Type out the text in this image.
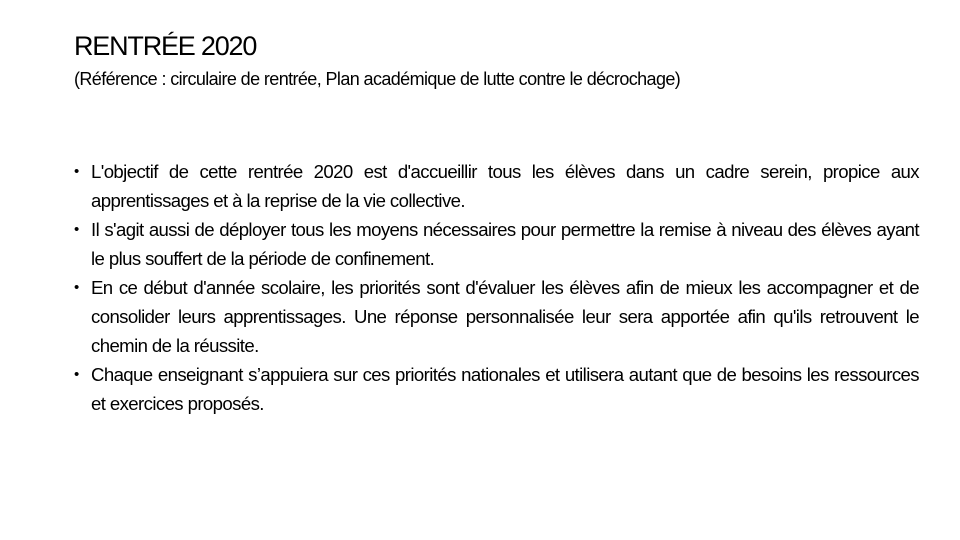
RENTRÉE 2020

(Référence : circulaire de rentrée, Plan académique de lutte contre le décrochage)

• L'objectif de cette rentrée 2020 est d'accueillir tous les élèves dans un cadre serein, propice aux apprentissages et à la reprise de la vie collective.
• Il s'agit aussi de déployer tous les moyens nécessaires pour permettre la remise à niveau des élèves ayant le plus souffert de la période de confinement.
• En ce début d'année scolaire, les priorités sont d'évaluer les élèves afin de mieux les accompagner et de consolider leurs apprentissages. Une réponse personnalisée leur sera apportée afin qu'ils retrouvent le chemin de la réussite.
• Chaque enseignant s’appuiera sur ces priorités nationales et utilisera autant que de besoins les ressources et exercices proposés.
